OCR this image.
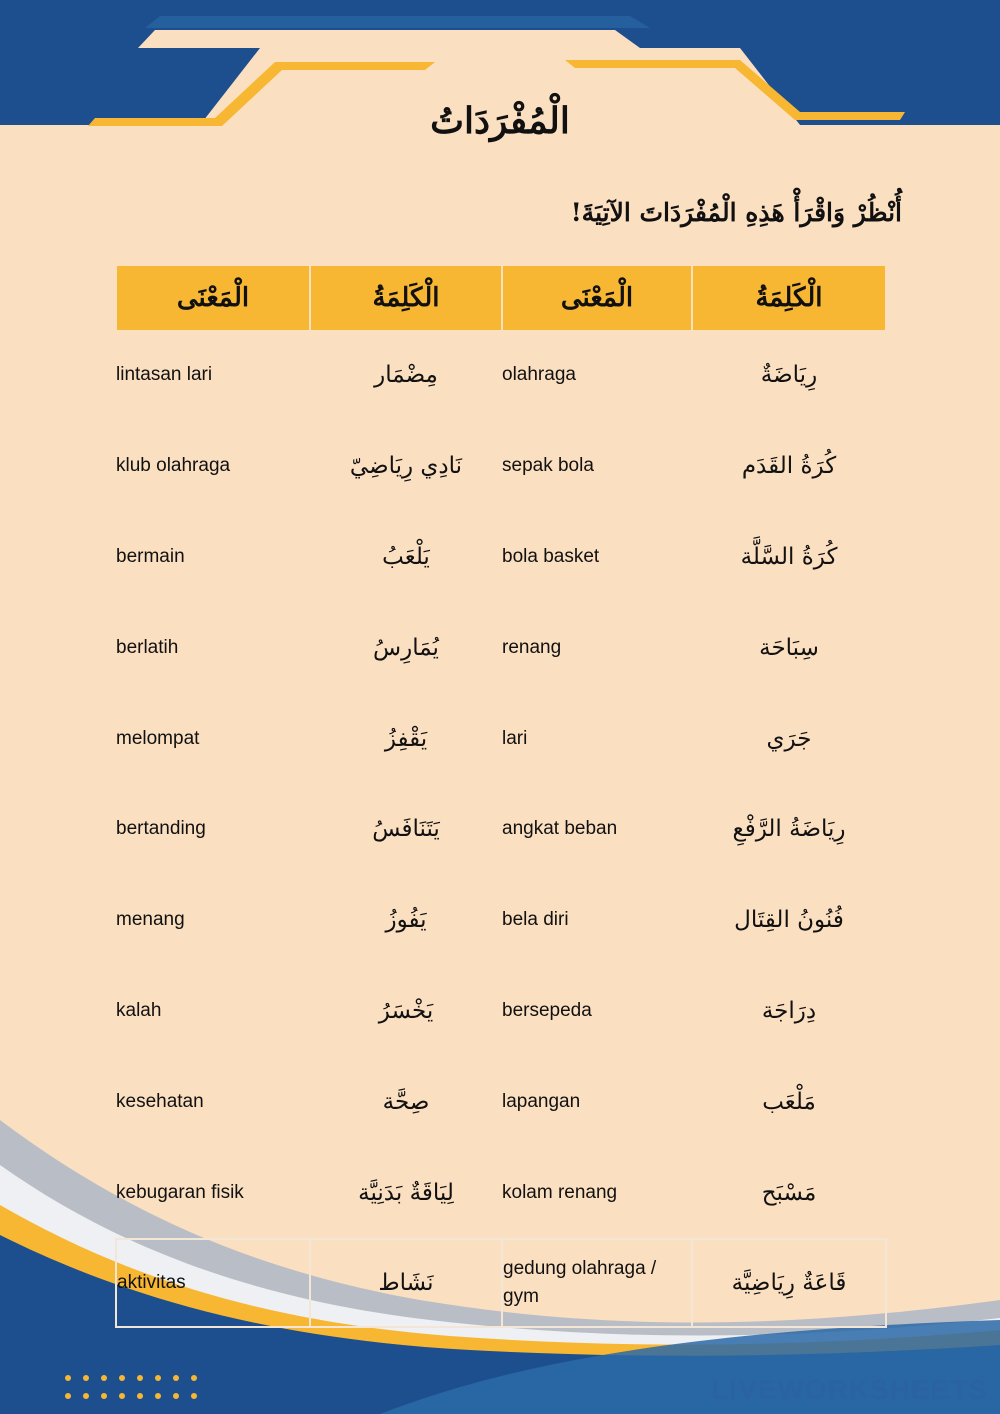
الْمُفْرَدَاتُ
أُنْظُرْ وَاقْرَأْ هَذِهِ الْمُفْرَدَاتَ الآتِيَةَ!
الْمَعْنَى	الْكَلِمَةُ	الْمَعْنَى	الْكَلِمَةُ
lintasan lari	مِضْمَار	olahraga	رِيَاضَةٌ
klub olahraga	نَادِي رِيَاضِيّ	sepak bola	كُرَةُ القَدَم
bermain	يَلْعَبُ	bola basket	كُرَةُ السَّلَّة
berlatih	يُمَارِسُ	renang	سِبَاحَة
melompat	يَقْفِزُ	lari	جَرَي
bertanding	يَتَنَافَسُ	angkat beban	رِيَاضَةُ الرَّفْعِ
menang	يَفُوزُ	bela diri	فُنُونُ القِتَال
kalah	يَخْسَرُ	bersepeda	دِرَاجَة
kesehatan	صِحَّة	lapangan	مَلْعَب
kebugaran fisik	لِيَاقَةٌ بَدَنِيَّة	kolam renang	مَسْبَح
aktivitas	نَشَاط	gedung olahraga / gym	قَاعَةٌ رِيَاضِيَّة
LIVEWORKSHEETS
